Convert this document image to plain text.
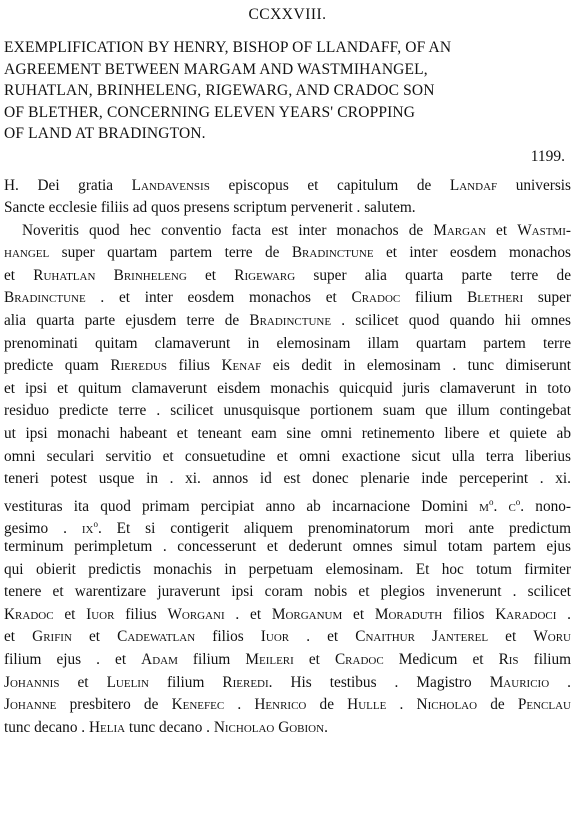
CCXXVIII.
EXEMPLIFICATION BY HENRY, BISHOP OF LLANDAFF, OF AN
AGREEMENT BETWEEN MARGAM AND WASTMIHANGEL,
RUHATLAN, BRINHELENG, RIGEWARG, AND CRADOC SON
OF BLETHER, CONCERNING ELEVEN YEARS' CROPPING
OF LAND AT BRADINGTON.
1199.
H. Dei gratia Landavensis episcopus et capitulum de Landaf universis
Sancte ecclesie filiis ad quos presens scriptum pervenerit . salutem.
Noveritis quod hec conventio facta est inter monachos de Margan et Wastmi-
hangel super quartam partem terre de Bradinctune et inter eosdem monachos
et Ruhatlan Brinheleng et Rigewarg super alia quarta parte terre de
Bradinctune . et inter eosdem monachos et Cradoc filium Bletheri super
alia quarta parte ejusdem terre de Bradinctune . scilicet quod quando hii omnes
prenominati quitam clamaverunt in elemosinam illam quartam partem terre
predicte quam Rieredus filius Kenaf eis dedit in elemosinam . tunc dimiserunt
et ipsi et quitum clamaverunt eisdem monachis quicquid juris clamaverunt in toto
residuo predicte terre . scilicet unusquisque portionem suam que illum contingebat
ut ipsi monachi habeant et teneant eam sine omni retinemento libere et quiete ab
omni seculari servitio et consuetudine et omni exactione sicut ulla terra liberius
teneri potest usque in . xi. annos id est donec plenarie inde perceperint . xi.
vestituras ita quod primam percipiat anno ab incarnacione Domini $m^o$. $c^o$. nono-
gesimo . $ix^o$. Et si contigerit aliquem prenominatorum mori ante predictum
terminum perimpletum . concesserunt et dederunt omnes simul totam partem ejus
qui obierit predictis monachis in perpetuam elemosinam. Et hoc totum firmiter
tenere et warentizare juraverunt ipsi coram nobis et plegios invenerunt . scilicet
Kradoc et Iuor filius Worgani . et Morganum et Moraduth filios Karadoci .
et Grifin et Cadewatlan filios Iuor . et Cnaithur Janterel et Woru
filium ejus . et Adam filium Meileri et Cradoc Medicum et Ris filium
Johannis et Luelin filium Rieredi. His testibus . Magistro Mauricio .
Johanne presbitero de Kenefec . Henrico de Hulle . Nicholao de Penclau
tunc decano . Helia tunc decano . Nicholao Gobion.
